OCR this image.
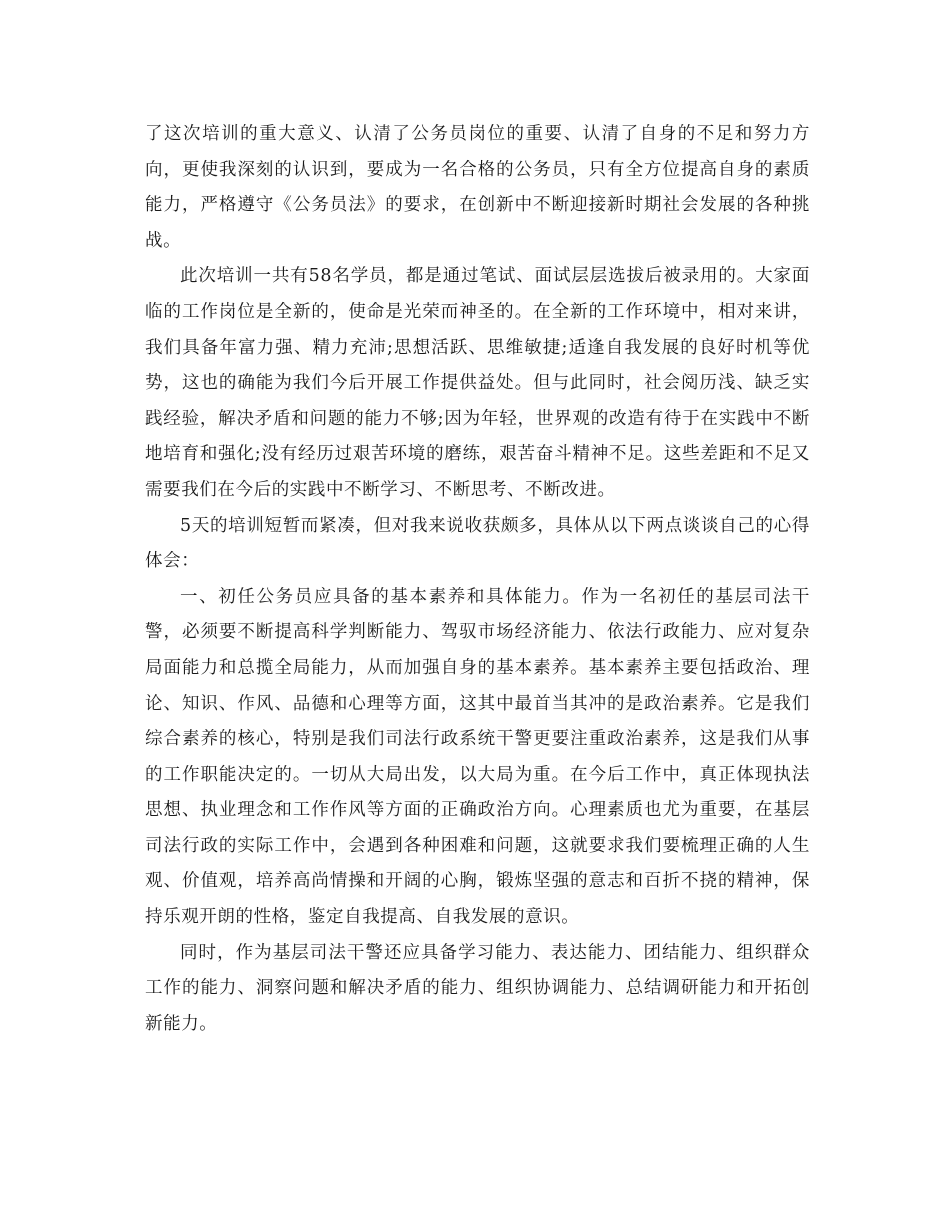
了这次培训的重大意义、认清了公务员岗位的重要、认清了自身的不足和努力方向，更使我深刻的认识到，要成为一名合格的公务员，只有全方位提高自身的素质能力，严格遵守《公务员法》的要求，在创新中不断迎接新时期社会发展的各种挑战。

此次培训一共有58名学员，都是通过笔试、面试层层选拔后被录用的。大家面临的工作岗位是全新的，使命是光荣而神圣的。在全新的工作环境中，相对来讲，我们具备年富力强、精力充沛;思想活跃、思维敏捷;适逢自我发展的良好时机等优势，这也的确能为我们今后开展工作提供益处。但与此同时，社会阅历浅、缺乏实践经验，解决矛盾和问题的能力不够;因为年轻，世界观的改造有待于在实践中不断地培育和强化;没有经历过艰苦环境的磨练，艰苦奋斗精神不足。这些差距和不足又需要我们在今后的实践中不断学习、不断思考、不断改进。

5天的培训短暂而紧凑，但对我来说收获颇多，具体从以下两点谈谈自己的心得体会：

一、初任公务员应具备的基本素养和具体能力。作为一名初任的基层司法干警，必须要不断提高科学判断能力、驾驭市场经济能力、依法行政能力、应对复杂局面能力和总揽全局能力，从而加强自身的基本素养。基本素养主要包括政治、理论、知识、作风、品德和心理等方面，这其中最首当其冲的是政治素养。它是我们综合素养的核心，特别是我们司法行政系统干警更要注重政治素养，这是我们从事的工作职能决定的。一切从大局出发，以大局为重。在今后工作中，真正体现执法思想、执业理念和工作作风等方面的正确政治方向。心理素质也尤为重要，在基层司法行政的实际工作中，会遇到各种困难和问题，这就要求我们要梳理正确的人生观、价值观，培养高尚情操和开阔的心胸，锻炼坚强的意志和百折不挠的精神，保持乐观开朗的性格，鉴定自我提高、自我发展的意识。

同时，作为基层司法干警还应具备学习能力、表达能力、团结能力、组织群众工作的能力、洞察问题和解决矛盾的能力、组织协调能力、总结调研能力和开拓创新能力。
